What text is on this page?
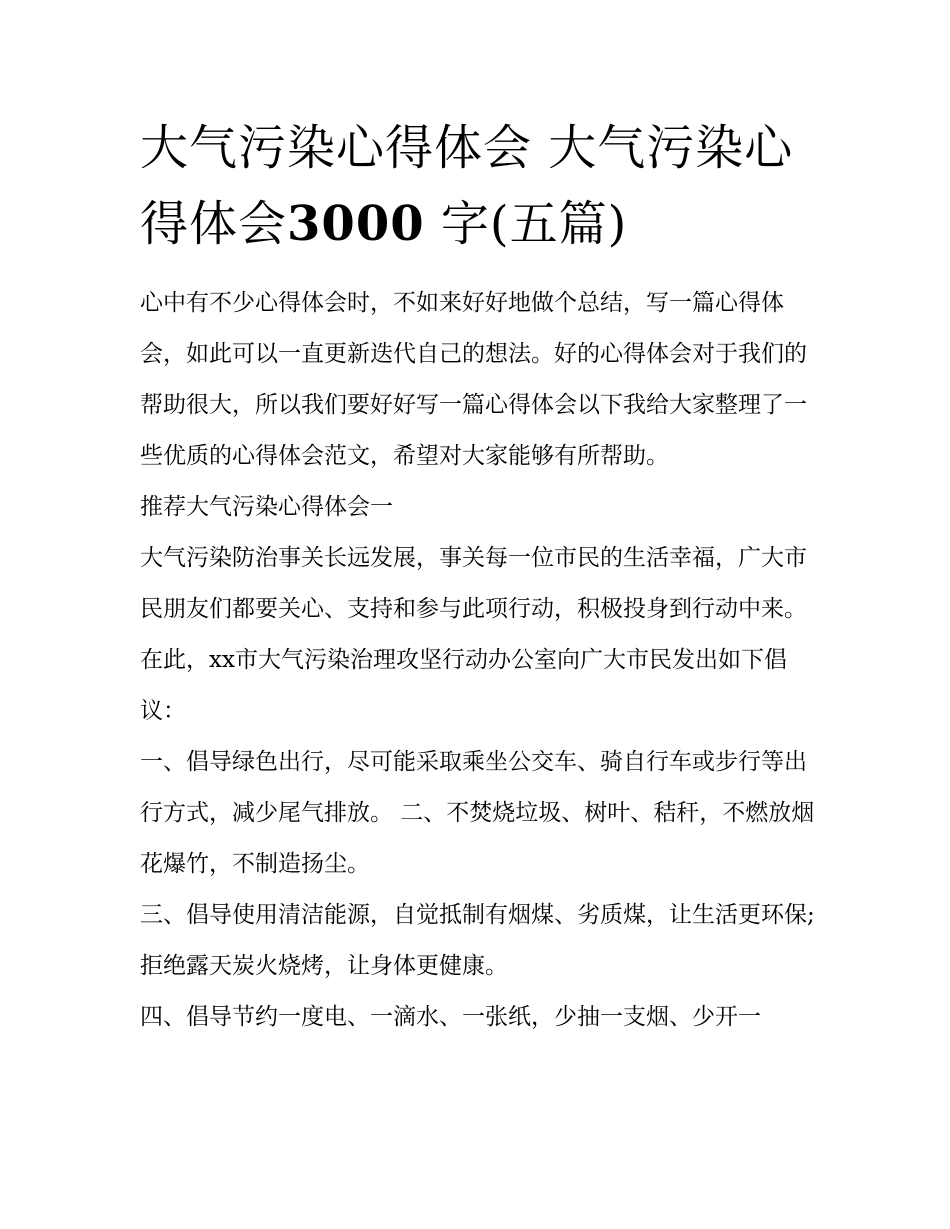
大气污染心得体会 大气污染心得体会3000 字(五篇)

心中有不少心得体会时，不如来好好地做个总结，写一篇心得体会，如此可以一直更新迭代自己的想法。好的心得体会对于我们的帮助很大，所以我们要好好写一篇心得体会以下我给大家整理了一些优质的心得体会范文，希望对大家能够有所帮助。

推荐大气污染心得体会一

大气污染防治事关长远发展，事关每一位市民的生活幸福，广大市民朋友们都要关心、支持和参与此项行动，积极投身到行动中来。在此，xx市大气污染治理攻坚行动办公室向广大市民发出如下倡议：

一、倡导绿色出行，尽可能采取乘坐公交车、骑自行车或步行等出行方式，减少尾气排放。 二、不焚烧垃圾、树叶、秸秆，不燃放烟花爆竹，不制造扬尘。

三、倡导使用清洁能源，自觉抵制有烟煤、劣质煤，让生活更环保;拒绝露天炭火烧烤，让身体更健康。

四、倡导节约一度电、一滴水、一张纸，少抽一支烟、少开一
